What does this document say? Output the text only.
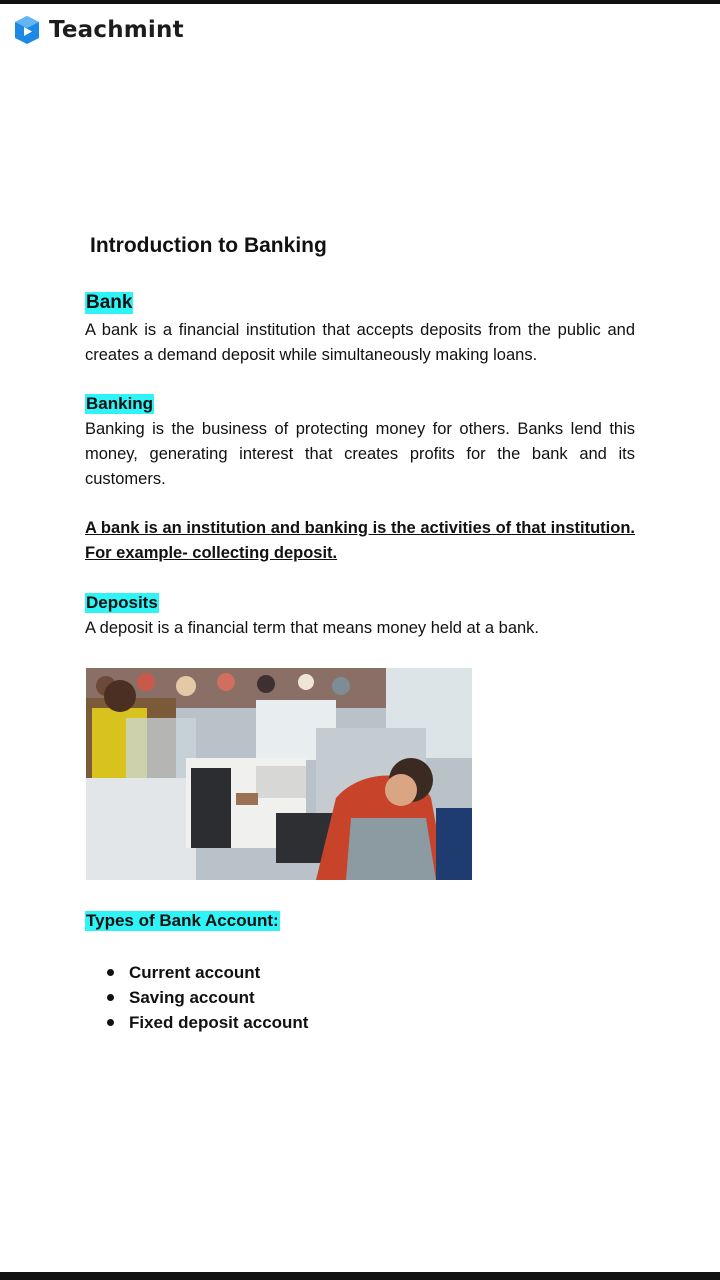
Teachmint
Introduction to Banking
Bank

A bank is a financial institution that accepts deposits from the public and creates a demand deposit while simultaneously making loans.

Banking

Banking is the business of protecting money for others. Banks lend this money, generating interest that creates profits for the bank and its customers.

A bank is an institution and banking is the activities of that institution. For example- collecting deposit.

Deposits

A deposit is a financial term that means money held at a bank.

Types of Bank Account:
Current account
Saving account
Fixed deposit account
